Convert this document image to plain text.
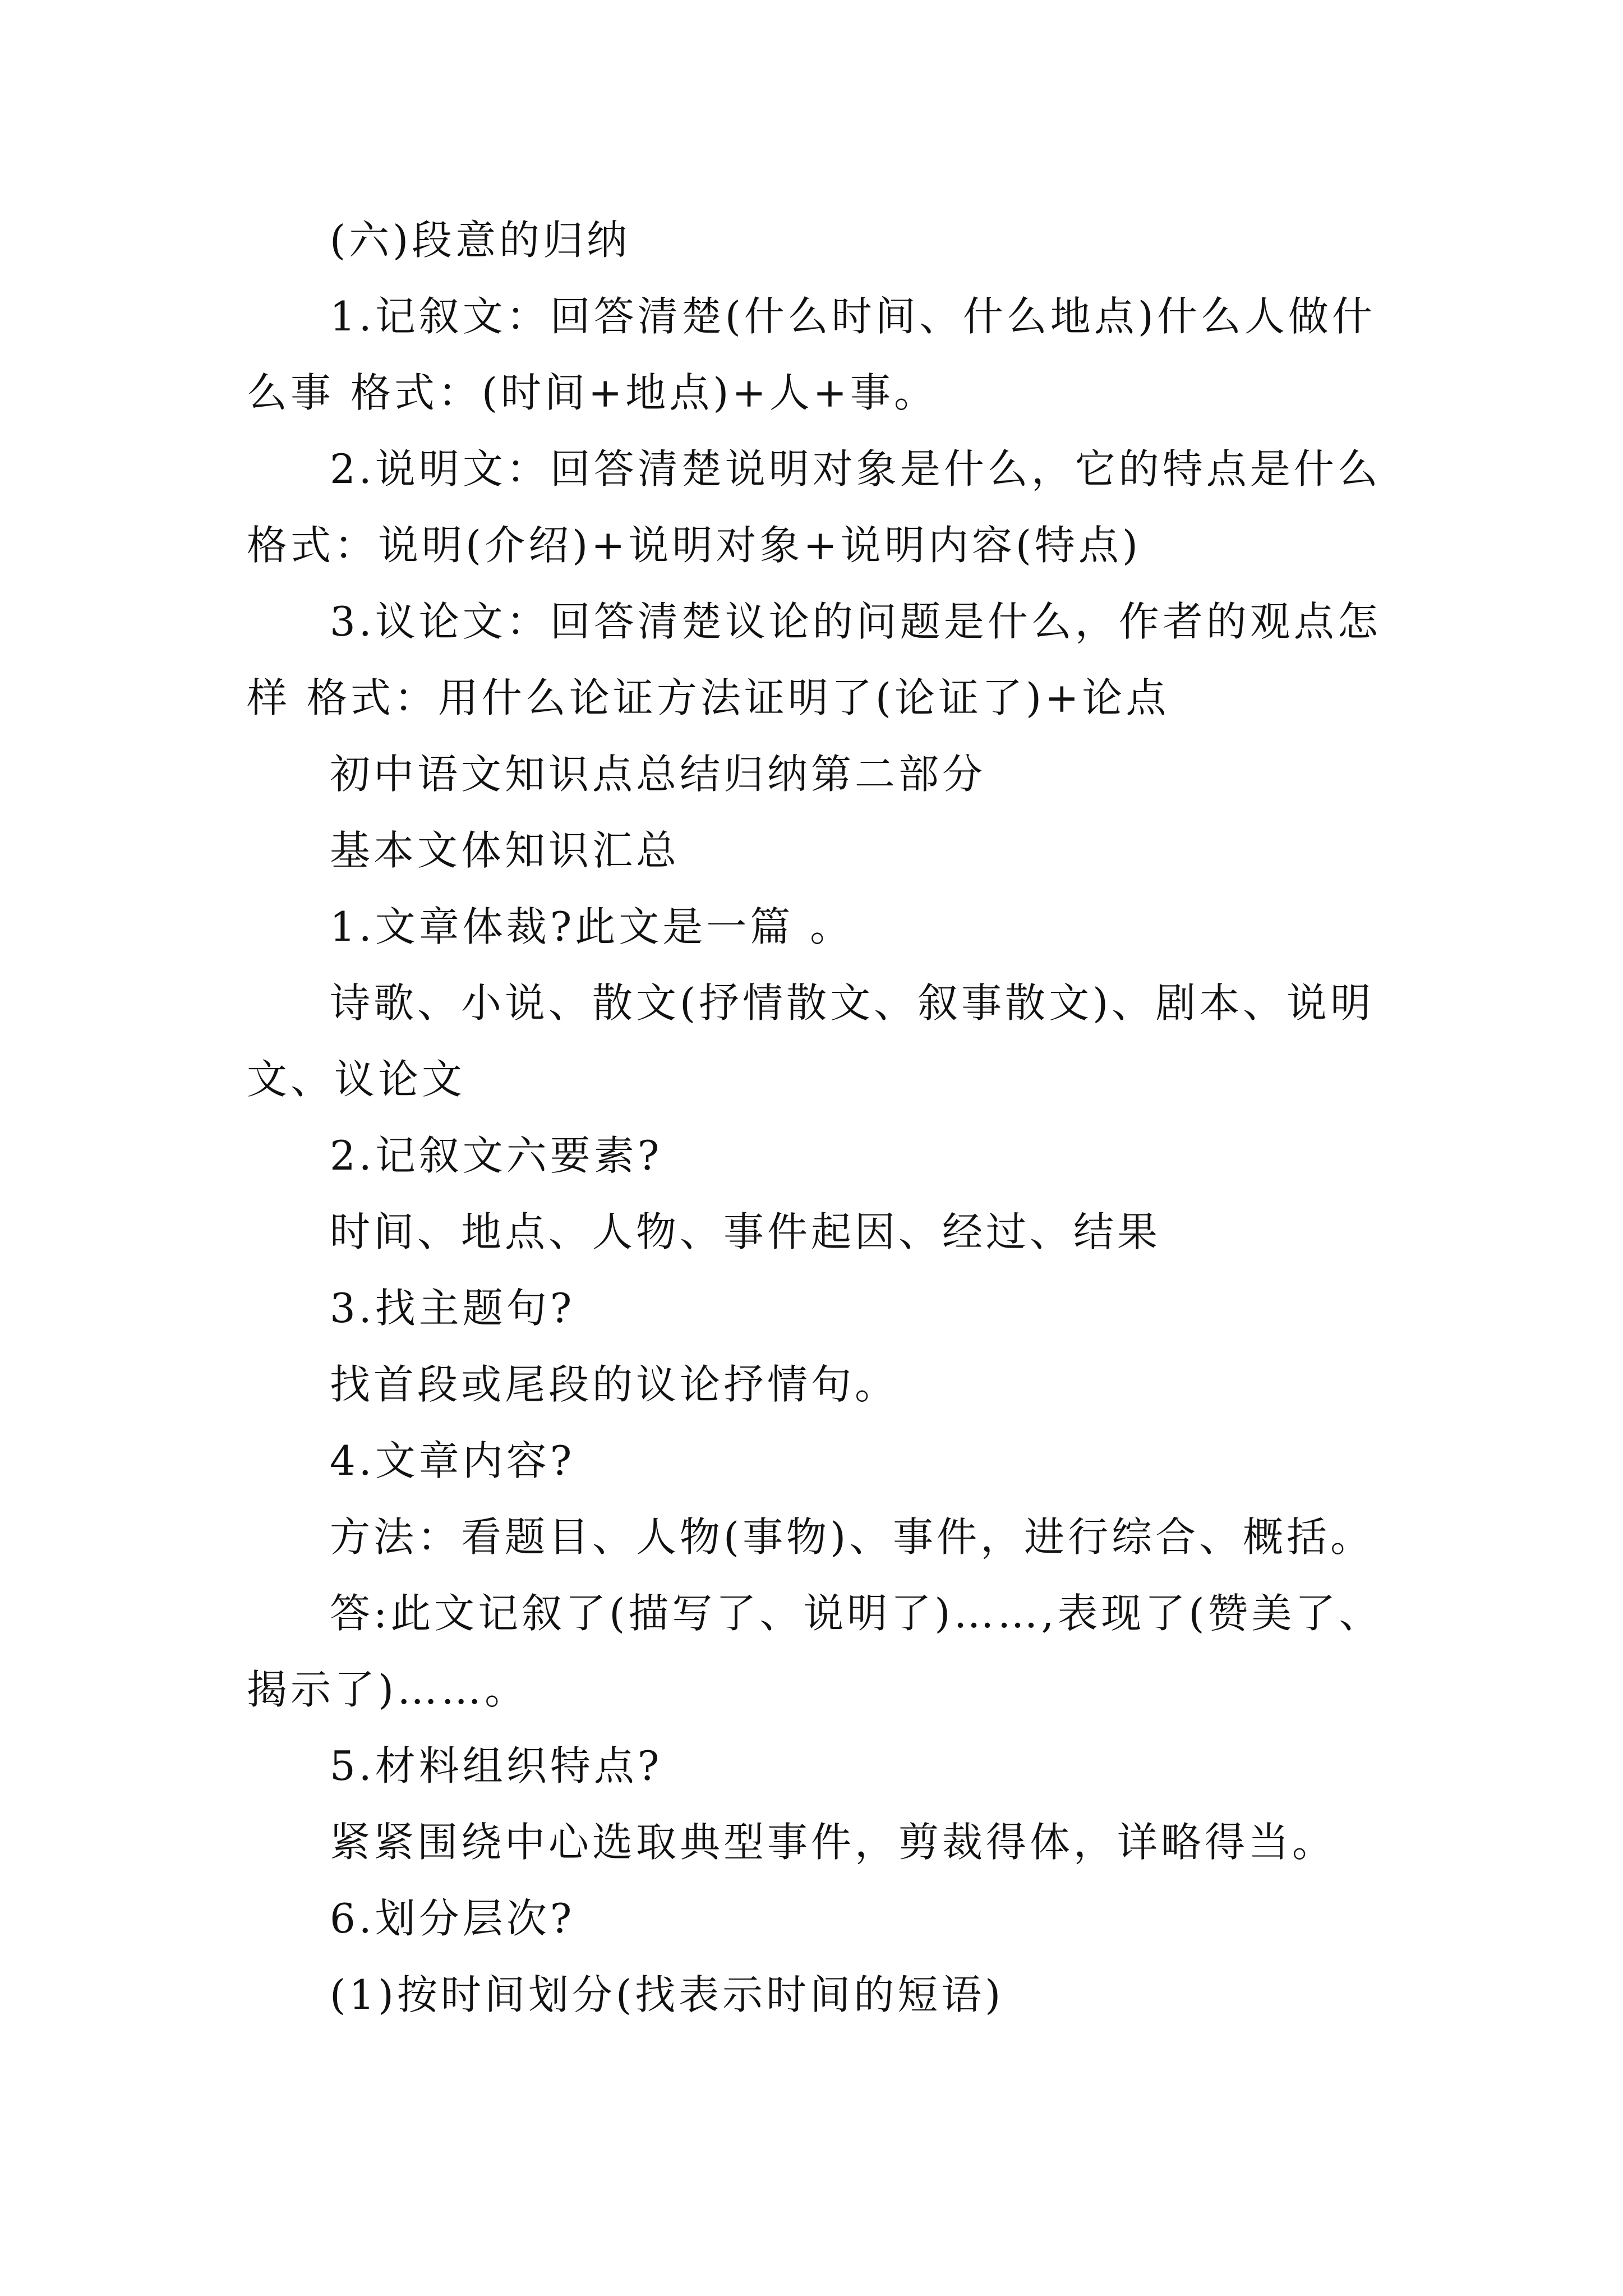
(六)段意的归纳

1.记叙文：回答清楚(什么时间、什么地点)什么人做什么事 格式：(时间+地点)+人+事。

2.说明文：回答清楚说明对象是什么，它的特点是什么 格式：说明(介绍)+说明对象+说明内容(特点)

3.议论文：回答清楚议论的问题是什么，作者的观点怎样 格式：用什么论证方法证明了(论证了)+论点

初中语文知识点总结归纳第二部分

基本文体知识汇总

1.文章体裁?此文是一篇 。

诗歌、小说、散文(抒情散文、叙事散文)、剧本、说明文、议论文

2.记叙文六要素?

时间、地点、人物、事件起因、经过、结果

3.找主题句?

找首段或尾段的议论抒情句。

4.文章内容?

方法：看题目、人物(事物)、事件，进行综合、概括。

答:此文记叙了(描写了、说明了)……,表现了(赞美了、揭示了)……。

5.材料组织特点?

紧紧围绕中心选取典型事件，剪裁得体，详略得当。

6.划分层次?

(1)按时间划分(找表示时间的短语)
